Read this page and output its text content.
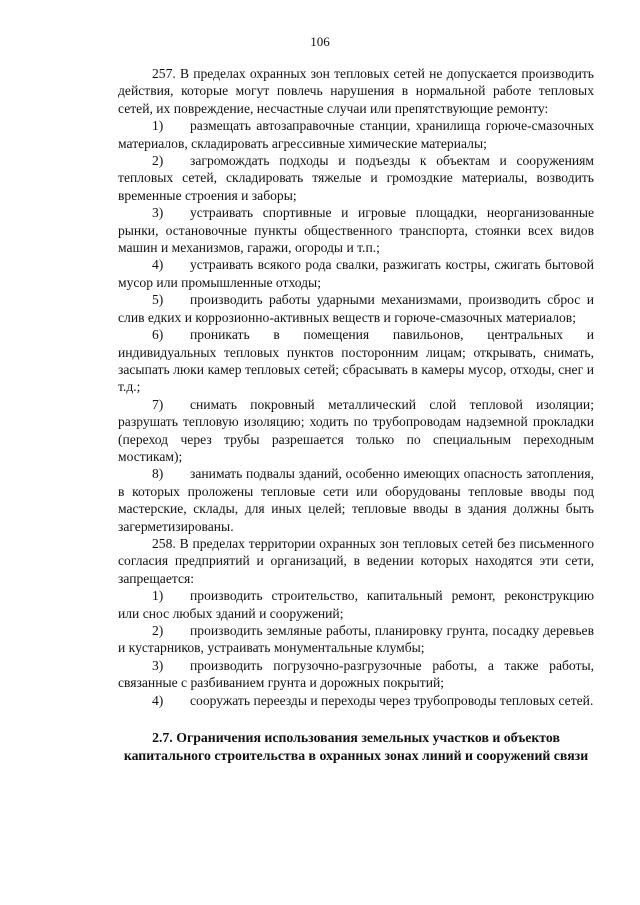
106

257. В пределах охранных зон тепловых сетей не допускается производить действия, которые могут повлечь нарушения в нормальной работе тепловых сетей, их повреждение, несчастные случаи или препятствующие ремонту:

1) размещать автозаправочные станции, хранилища горюче-смазочных материалов, складировать агрессивные химические материалы;

2) загромождать подходы и подъезды к объектам и сооружениям тепловых сетей, складировать тяжелые и громоздкие материалы, возводить временные строения и заборы;

3) устраивать спортивные и игровые площадки, неорганизованные рынки, остановочные пункты общественного транспорта, стоянки всех видов машин и механизмов, гаражи, огороды и т.п.;

4) устраивать всякого рода свалки, разжигать костры, сжигать бытовой мусор или промышленные отходы;

5) производить работы ударными механизмами, производить сброс и слив едких и коррозионно-активных веществ и горюче-смазочных материалов;

6) проникать в помещения павильонов, центральных и индивидуальных тепловых пунктов посторонним лицам; открывать, снимать, засыпать люки камер тепловых сетей; сбрасывать в камеры мусор, отходы, снег и т.д.;

7) снимать покровный металлический слой тепловой изоляции; разрушать тепловую изоляцию; ходить по трубопроводам надземной прокладки (переход через трубы разрешается только по специальным переходным мостикам);

8) занимать подвалы зданий, особенно имеющих опасность затопления, в которых проложены тепловые сети или оборудованы тепловые вводы под мастерские, склады, для иных целей; тепловые вводы в здания должны быть загерметизированы.

258. В пределах территории охранных зон тепловых сетей без письменного согласия предприятий и организаций, в ведении которых находятся эти сети, запрещается:

1) производить строительство, капитальный ремонт, реконструкцию или снос любых зданий и сооружений;

2) производить земляные работы, планировку грунта, посадку деревьев и кустарников, устраивать монументальные клумбы;

3) производить погрузочно-разгрузочные работы, а также работы, связанные с разбиванием грунта и дорожных покрытий;

4) сооружать переезды и переходы через трубопроводы тепловых сетей.

2.7. Ограничения использования земельных участков и объектов капитального строительства в охранных зонах линий и сооружений связи
